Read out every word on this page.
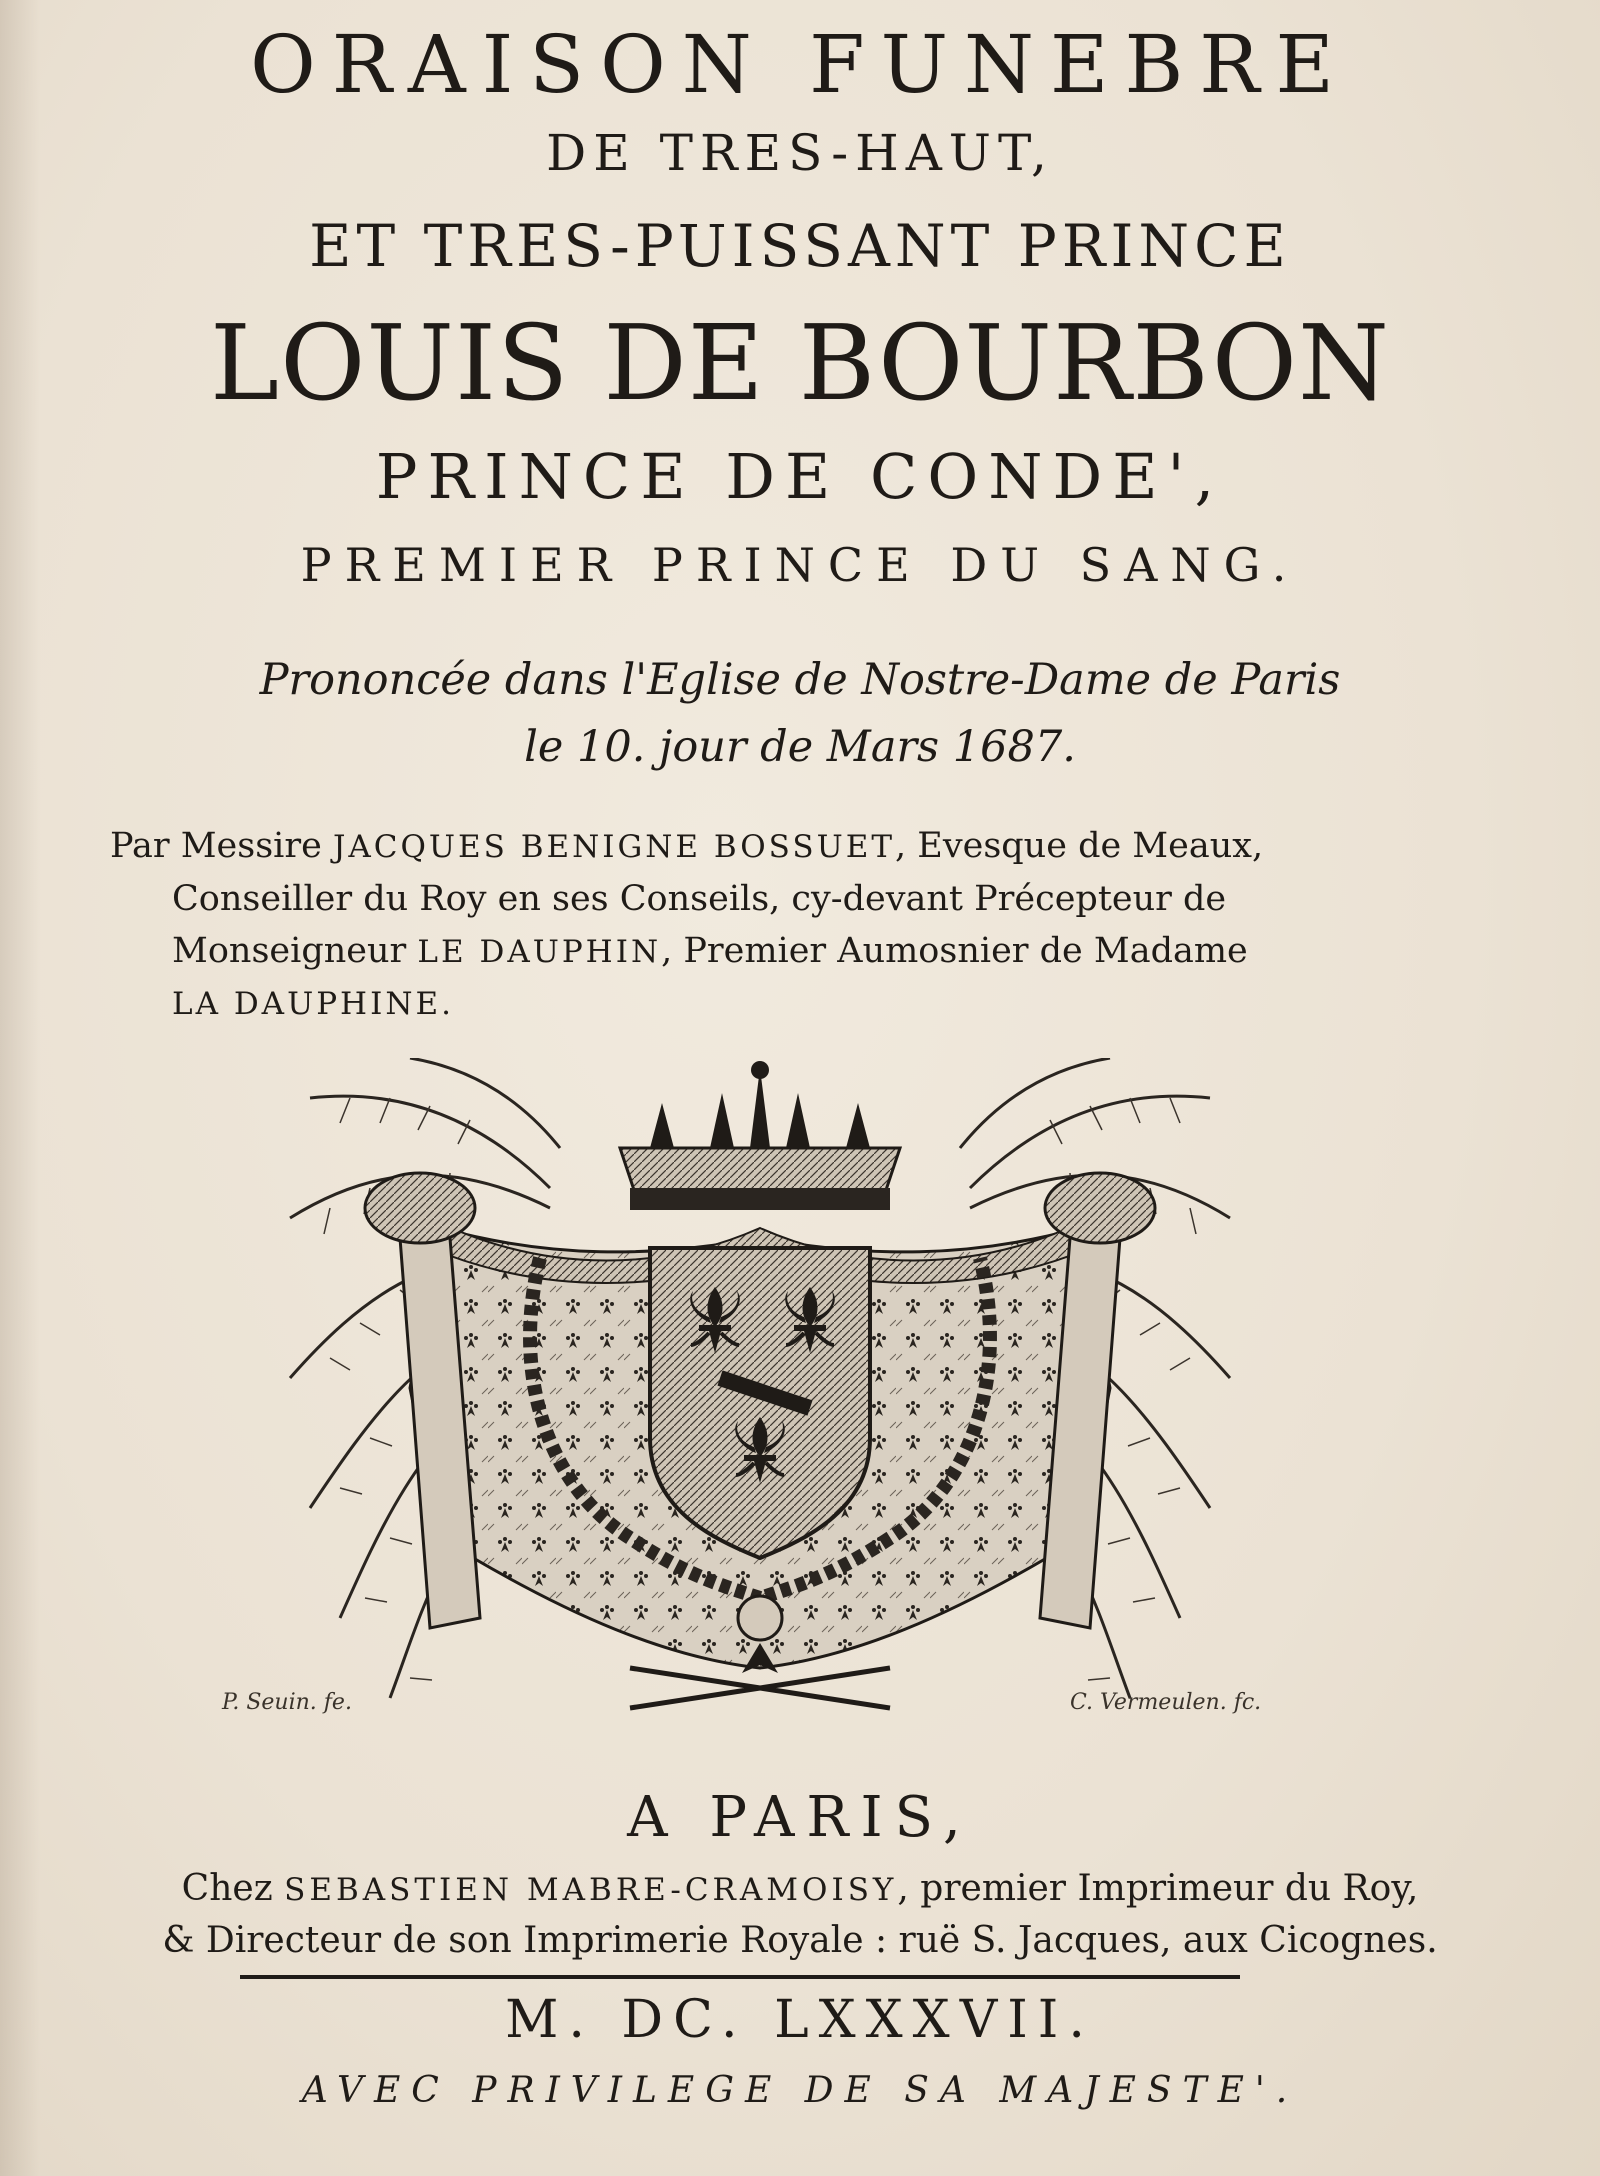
ORAISON FUNEBRE
DE TRES-HAUT,
ET TRES-PUISSANT PRINCE
LOUIS DE BOURBON
PRINCE DE CONDE',
PREMIER PRINCE DU SANG.
Prononcée dans l'Eglise de Nostre-Dame de Paris
le 10. jour de Mars 1687.
Par Messire JACQUES BENIGNE BOSSUET, Evesque de Meaux,
Conseiller du Roy en ses Conseils, cy-devant Précepteur de
Monseigneur LE DAUPHIN, Premier Aumosnier de Madame
LA DAUPHINE.
P. Seuin. fe.	C. Vermeulen. fc.
A PARIS,
Chez SEBASTIEN MABRE-CRAMOISY, premier Imprimeur du Roy,
& Directeur de son Imprimerie Royale : ruë S. Jacques, aux Cicognes.
M. DC. LXXXVII.
AVEC PRIVILEGE DE SA MAJESTE'.
